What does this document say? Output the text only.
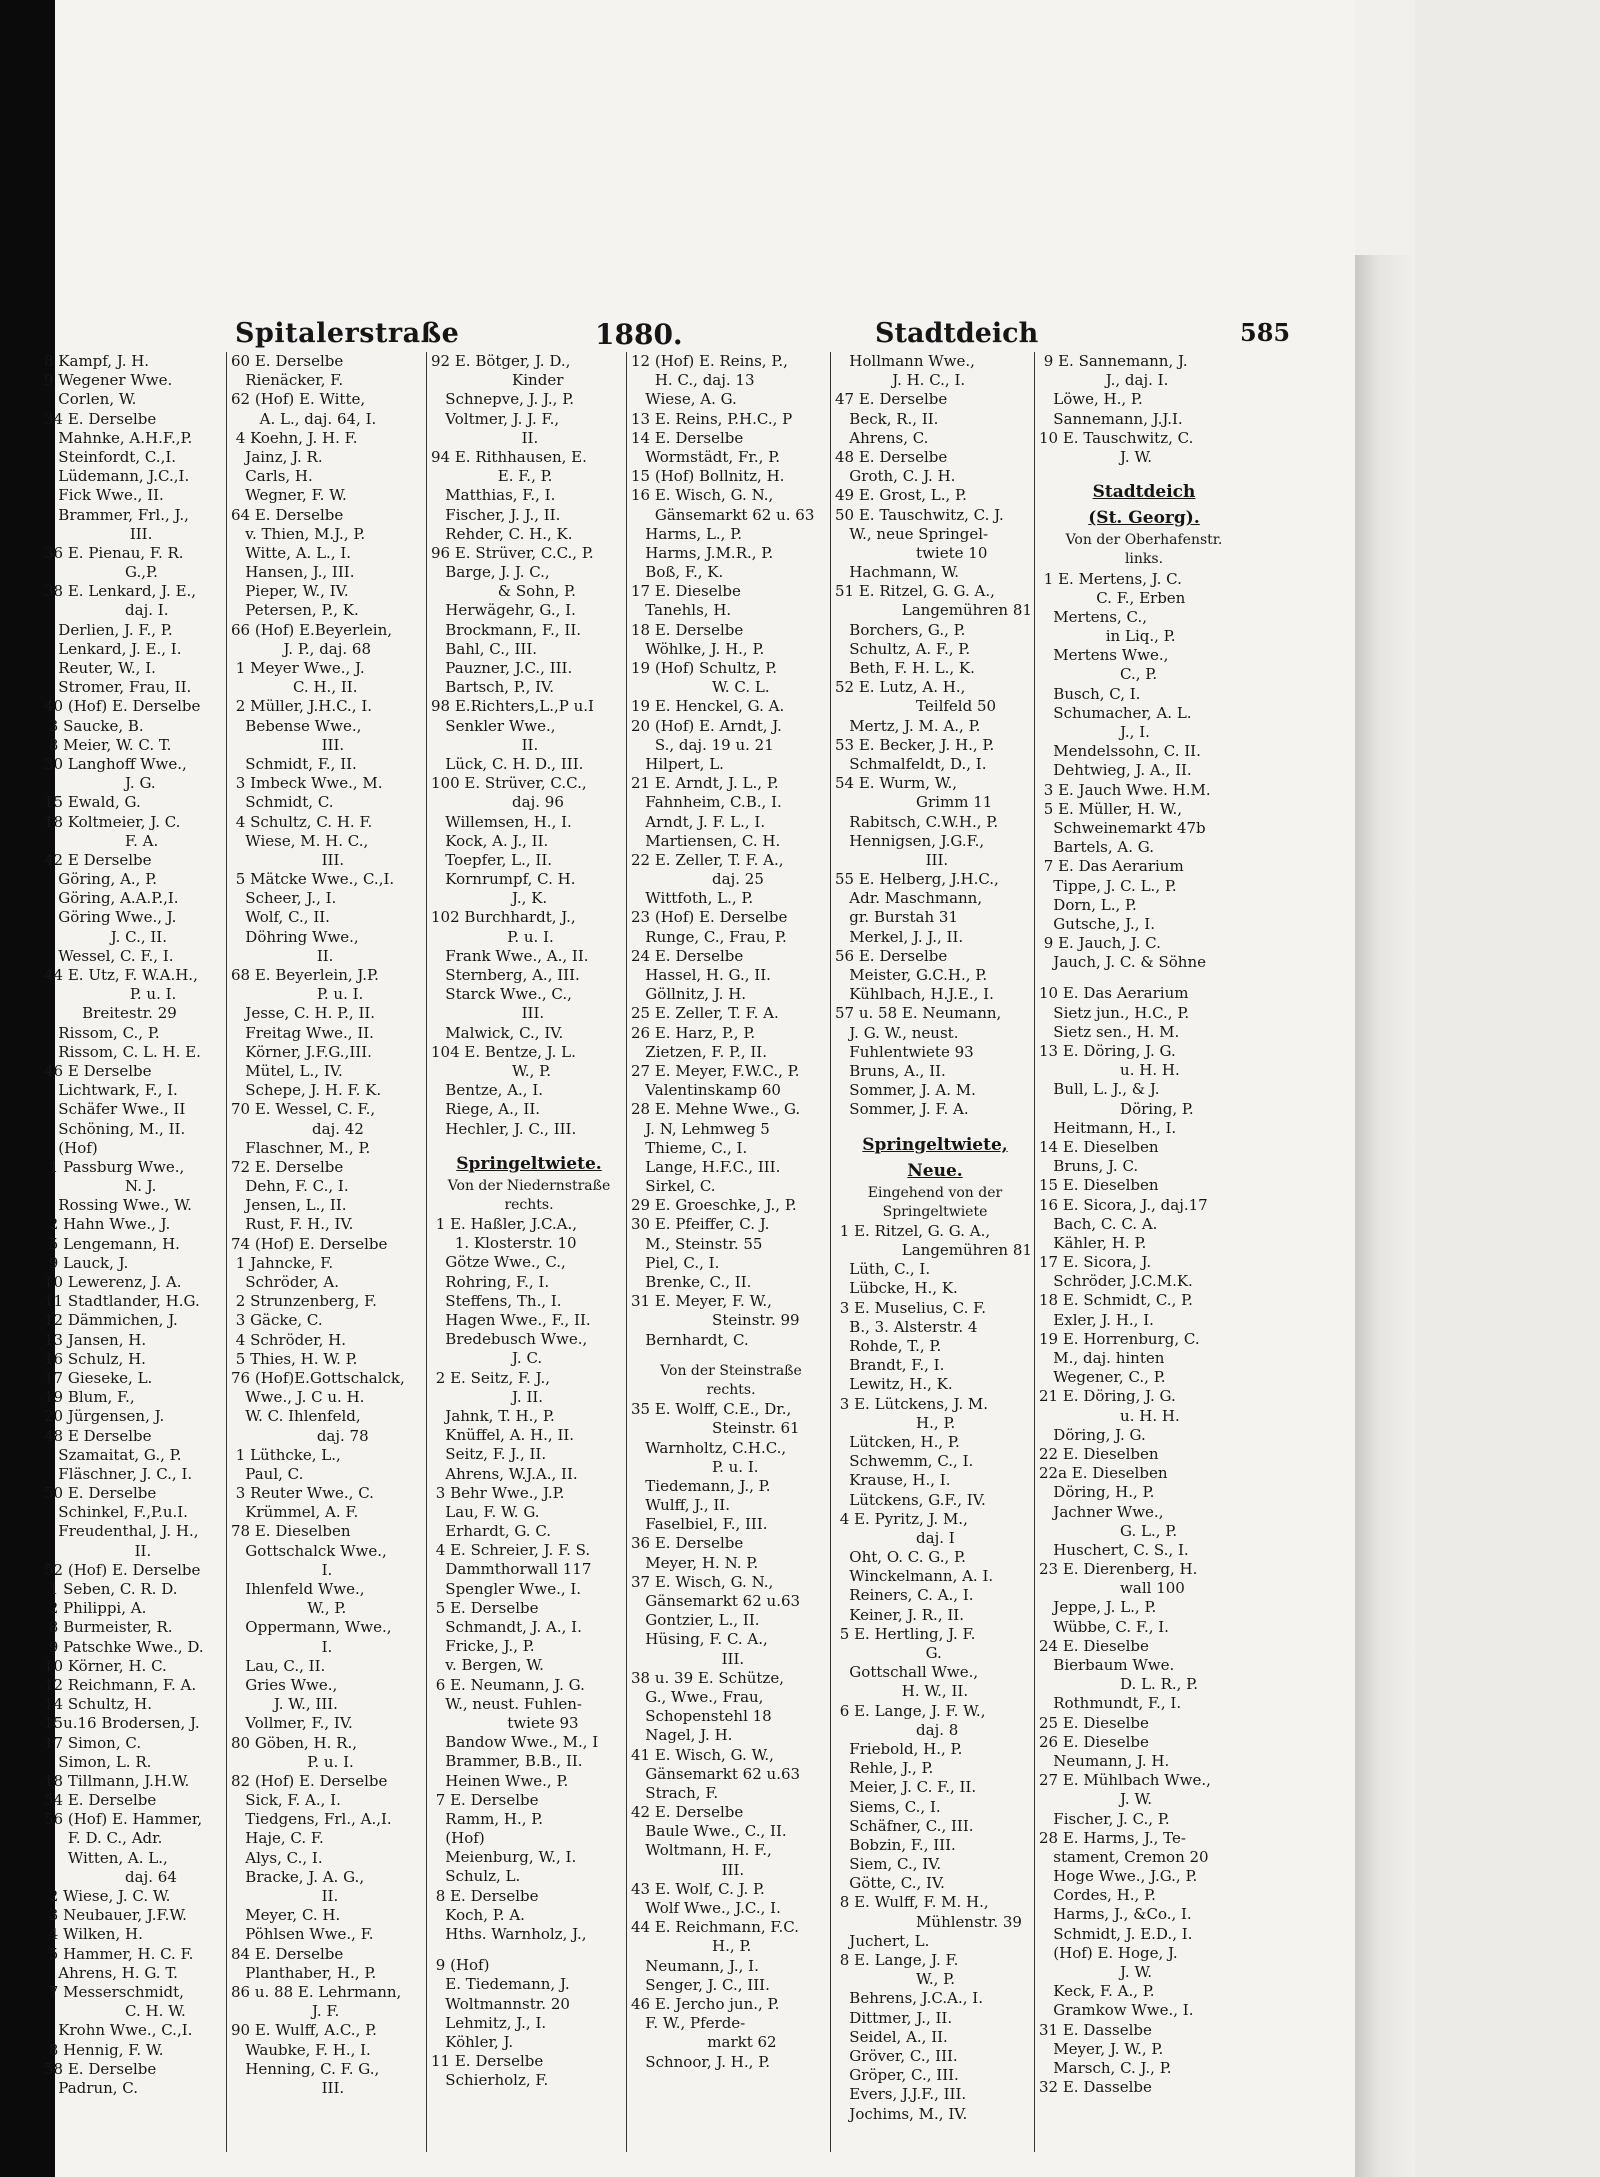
Spitalerstraße	1880.	Stadtdeich	585
8 Kampf, J. H.
9 Wegener Wwe.
Corlen, W.
34 E. Derselbe
Mahnke, A.H.F.,P.
Steinfordt, C.,I.
Lüdemann, J.C.,I.
Fick Wwe., II.
Brammer, Frl., J.,
III.
36 E. Pienau, F. R.
G.,P.
38 E. Lenkard, J. E.,
daj. I.
Derlien, J. F., P.
Lenkard, J. E., I.
Reuter, W., I.
Stromer, Frau, II.
40 (Hof) E. Derselbe
3 Saucke, B.
8 Meier, W. C. T.
30 Langhoff Wwe.,
J. G.
15 Ewald, G.
18 Koltmeier, J. C.
F. A.
42 E Derselbe
Göring, A., P.
Göring, A.A.P.,I.
Göring Wwe., J.
J. C., II.
Wessel, C. F., I.
44 E. Utz, F. W.A.H.,
P. u. I.
Breitestr. 29
Rissom, C., P.
Rissom, C. L. H. E.
46 E Derselbe
Lichtwark, F., I.
Schäfer Wwe., II
Schöning, M., II.
(Hof)
1 Passburg Wwe.,
N. J.
Rossing Wwe., W.
2 Hahn Wwe., J.
5 Lengemann, H.
9 Lauck, J.
10 Lewerenz, J. A.
11 Stadtlander, H.G.
12 Dämmichen, J.
13 Jansen, H.
16 Schulz, H.
17 Gieseke, L.
19 Blum, F.,
20 Jürgensen, J.
48 E Derselbe
Szamaitat, G., P.
Fläschner, J. C., I.
50 E. Derselbe
Schinkel, F.,P.u.I.
Freudenthal, J. H.,
II.
52 (Hof) E. Derselbe
1 Seben, C. R. D.
2 Philippi, A.
8 Burmeister, R.
9 Patschke Wwe., D.
10 Körner, H. C.
12 Reichmann, F. A.
14 Schultz, H.
15u.16 Brodersen, J.
17 Simon, C.
Simon, L. R.
18 Tillmann, J.H.W.
54 E. Derselbe
56 (Hof) E. Hammer,
F. D. C., Adr.
Witten, A. L.,
daj. 64
2 Wiese, J. C. W.
3 Neubauer, J.F.W.
4 Wilken, H.
5 Hammer, H. C. F.
Ahrens, H. G. T.
7 Messerschmidt,
C. H. W.
Krohn Wwe., C.,I.
8 Hennig, F. W.
58 E. Derselbe
Padrun, C.
60 E. Derselbe
Rienäcker, F.
62 (Hof) E. Witte,
A. L., daj. 64, I.
4 Koehn, J. H. F.
Jainz, J. R.
Carls, H.
Wegner, F. W.
64 E. Derselbe
v. Thien, M.J., P.
Witte, A. L., I.
Hansen, J., III.
Pieper, W., IV.
Petersen, P., K.
66 (Hof) E.Beyerlein,
J. P., daj. 68
1 Meyer Wwe., J.
C. H., II.
2 Müller, J.H.C., I.
Bebense Wwe.,
III.
Schmidt, F., II.
3 Imbeck Wwe., M.
Schmidt, C.
4 Schultz, C. H. F.
Wiese, M. H. C.,
III.
5 Mätcke Wwe., C.,I.
Scheer, J., I.
Wolf, C., II.
Döhring Wwe.,
II.
68 E. Beyerlein, J.P.
P. u. I.
Jesse, C. H. P., II.
Freitag Wwe., II.
Körner, J.F.G.,III.
Mütel, L., IV.
Schepe, J. H. F. K.
70 E. Wessel, C. F.,
daj. 42
Flaschner, M., P.
72 E. Derselbe
Dehn, F. C., I.
Jensen, L., II.
Rust, F. H., IV.
74 (Hof) E. Derselbe
1 Jahncke, F.
Schröder, A.
2 Strunzenberg, F.
3 Gäcke, C.
4 Schröder, H.
5 Thies, H. W. P.
76 (Hof)E.Gottschalck,
Wwe., J. C u. H.
W. C. Ihlenfeld,
daj. 78
1 Lüthcke, L.,
Paul, C.
3 Reuter Wwe., C.
Krümmel, A. F.
78 E. Dieselben
Gottschalck Wwe.,
I.
Ihlenfeld Wwe.,
W., P.
Oppermann, Wwe.,
I.
Lau, C., II.
Gries Wwe.,
J. W., III.
Vollmer, F., IV.
80 Göben, H. R.,
P. u. I.
82 (Hof) E. Derselbe
Sick, F. A., I.
Tiedgens, Frl., A.,I.
Haje, C. F.
Alys, C., I.
Bracke, J. A. G.,
II.
Meyer, C. H.
Pöhlsen Wwe., F.
84 E. Derselbe
Planthaber, H., P.
86 u. 88 E. Lehrmann,
J. F.
90 E. Wulff, A.C., P.
Waubke, F. H., I.
Henning, C. F. G.,
III.
92 E. Bötger, J. D.,
Kinder
Schnepve, J. J., P.
Voltmer, J. J. F.,
II.
94 E. Rithhausen, E.
E. F., P.
Matthias, F., I.
Fischer, J. J., II.
Rehder, C. H., K.
96 E. Strüver, C.C., P.
Barge, J. J. C.,
& Sohn, P.
Herwägehr, G., I.
Brockmann, F., II.
Bahl, C., III.
Pauzner, J.C., III.
Bartsch, P., IV.
98 E.Richters,L.,P u.I
Senkler Wwe.,
II.
Lück, C. H. D., III.
100 E. Strüver, C.C.,
daj. 96
Willemsen, H., I.
Kock, A. J., II.
Toepfer, L., II.
Kornrumpf, C. H.
J., K.
102 Burchhardt, J.,
P. u. I.
Frank Wwe., A., II.
Sternberg, A., III.
Starck Wwe., C.,
III.
Malwick, C., IV.
104 E. Bentze, J. L.
W., P.
Bentze, A., I.
Riege, A., II.
Hechler, J. C., III.
Springeltwiete.
Von der Niedernstraße
rechts.
1 E. Haßler, J.C.A.,
1. Klosterstr. 10
Götze Wwe., C.,
Rohring, F., I.
Steffens, Th., I.
Hagen Wwe., F., II.
Bredebusch Wwe.,
J. C.
2 E. Seitz, F. J.,
J. II.
Jahnk, T. H., P.
Knüffel, A. H., II.
Seitz, F. J., II.
Ahrens, W.J.A., II.
3 Behr Wwe., J.P.
Lau, F. W. G.
Erhardt, G. C.
4 E. Schreier, J. F. S.
Dammthorwall 117
Spengler Wwe., I.
5 E. Derselbe
Schmandt, J. A., I.
Fricke, J., P.
v. Bergen, W.
6 E. Neumann, J. G.
W., neust. Fuhlen-
twiete 93
Bandow Wwe., M., I
Brammer, B.B., II.
Heinen Wwe., P.
7 E. Derselbe
Ramm, H., P.
(Hof)
Meienburg, W., I.
Schulz, L.
8 E. Derselbe
Koch, P. A.
Hths. Warnholz, J.,
9 (Hof)
E. Tiedemann, J.
Woltmannstr. 20
Lehmitz, J., I.
Köhler, J.
11 E. Derselbe
Schierholz, F.
12 (Hof) E. Reins, P.,
H. C., daj. 13
Wiese, A. G.
13 E. Reins, P.H.C., P
14 E. Derselbe
Wormstädt, Fr., P.
15 (Hof) Bollnitz, H.
16 E. Wisch, G. N.,
Gänsemarkt 62 u. 63
Harms, L., P.
Harms, J.M.R., P.
Boß, F., K.
17 E. Dieselbe
Tanehls, H.
18 E. Derselbe
Wöhlke, J. H., P.
19 (Hof) Schultz, P.
W. C. L.
19 E. Henckel, G. A.
20 (Hof) E. Arndt, J.
S., daj. 19 u. 21
Hilpert, L.
21 E. Arndt, J. L., P.
Fahnheim, C.B., I.
Arndt, J. F. L., I.
Martiensen, C. H.
22 E. Zeller, T. F. A.,
daj. 25
Wittfoth, L., P.
23 (Hof) E. Derselbe
Runge, C., Frau, P.
24 E. Derselbe
Hassel, H. G., II.
Göllnitz, J. H.
25 E. Zeller, T. F. A.
26 E. Harz, P., P.
Zietzen, F. P., II.
27 E. Meyer, F.W.C., P.
Valentinskamp 60
28 E. Mehne Wwe., G.
J. N, Lehmweg 5
Thieme, C., I.
Lange, H.F.C., III.
Sirkel, C.
29 E. Groeschke, J., P.
30 E. Pfeiffer, C. J.
M., Steinstr. 55
Piel, C., I.
Brenke, C., II.
31 E. Meyer, F. W.,
Steinstr. 99
Bernhardt, C.
Von der Steinstraße
rechts.
35 E. Wolff, C.E., Dr.,
Steinstr. 61
Warnholtz, C.H.C.,
P. u. I.
Tiedemann, J., P.
Wulff, J., II.
Faselbiel, F., III.
36 E. Derselbe
Meyer, H. N. P.
37 E. Wisch, G. N.,
Gänsemarkt 62 u.63
Gontzier, L., II.
Hüsing, F. C. A.,
III.
38 u. 39 E. Schütze,
G., Wwe., Frau,
Schopenstehl 18
Nagel, J. H.
41 E. Wisch, G. W.,
Gänsemarkt 62 u.63
Strach, F.
42 E. Derselbe
Baule Wwe., C., II.
Woltmann, H. F.,
III.
43 E. Wolf, C. J. P.
Wolf Wwe., J.C., I.
44 E. Reichmann, F.C.
H., P.
Neumann, J., I.
Senger, J. C., III.
46 E. Jercho jun., P.
F. W., Pferde-
markt 62
Schnoor, J. H., P.
Hollmann Wwe.,
J. H. C., I.
47 E. Derselbe
Beck, R., II.
Ahrens, C.
48 E. Derselbe
Groth, C. J. H.
49 E. Grost, L., P.
50 E. Tauschwitz, C. J.
W., neue Springel-
twiete 10
Hachmann, W.
51 E. Ritzel, G. G. A.,
Langemühren 81
Borchers, G., P.
Schultz, A. F., P.
Beth, F. H. L., K.
52 E. Lutz, A. H.,
Teilfeld 50
Mertz, J. M. A., P.
53 E. Becker, J. H., P.
Schmalfeldt, D., I.
54 E. Wurm, W.,
Grimm 11
Rabitsch, C.W.H., P.
Hennigsen, J.G.F.,
III.
55 E. Helberg, J.H.C.,
Adr. Maschmann,
gr. Burstah 31
Merkel, J. J., II.
56 E. Derselbe
Meister, G.C.H., P.
Kühlbach, H.J.E., I.
57 u. 58 E. Neumann,
J. G. W., neust.
Fuhlentwiete 93
Bruns, A., II.
Sommer, J. A. M.
Sommer, J. F. A.
Springeltwiete,
Neue.
Eingehend von der
Springeltwiete
1 E. Ritzel, G. G. A.,
Langemühren 81
Lüth, C., I.
Lübcke, H., K.
3 E. Muselius, C. F.
B., 3. Alsterstr. 4
Rohde, T., P.
Brandt, F., I.
Lewitz, H., K.
3 E. Lütckens, J. M.
H., P.
Lütcken, H., P.
Schwemm, C., I.
Krause, H., I.
Lütckens, G.F., IV.
4 E. Pyritz, J. M.,
daj. I
Oht, O. C. G., P.
Winckelmann, A. I.
Reiners, C. A., I.
Keiner, J. R., II.
5 E. Hertling, J. F.
G.
Gottschall Wwe.,
H. W., II.
6 E. Lange, J. F. W.,
daj. 8
Friebold, H., P.
Rehle, J., P.
Meier, J. C. F., II.
Siems, C., I.
Schäfner, C., III.
Bobzin, F., III.
Siem, C., IV.
Götte, C., IV.
8 E. Wulff, F. M. H.,
Mühlenstr. 39
Juchert, L.
8 E. Lange, J. F.
W., P.
Behrens, J.C.A., I.
Dittmer, J., II.
Seidel, A., II.
Gröver, C., III.
Gröper, C., III.
Evers, J.J.F., III.
Jochims, M., IV.
9 E. Sannemann, J.
J., daj. I.
Löwe, H., P.
Sannemann, J.J.I.
10 E. Tauschwitz, C.
J. W.
Stadtdeich
(St. Georg).
Von der Oberhafenstr.
links.
1 E. Mertens, J. C.
C. F., Erben
Mertens, C.,
in Liq., P.
Mertens Wwe.,
C., P.
Busch, C, I.
Schumacher, A. L.
J., I.
Mendelssohn, C. II.
Dehtwieg, J. A., II.
3 E. Jauch Wwe. H.M.
5 E. Müller, H. W.,
Schweinemarkt 47b
Bartels, A. G.
7 E. Das Aerarium
Tippe, J. C. L., P.
Dorn, L., P.
Gutsche, J., I.
9 E. Jauch, J. C.
Jauch, J. C. & Söhne
10 E. Das Aerarium
Sietz jun., H.C., P.
Sietz sen., H. M.
13 E. Döring, J. G.
u. H. H.
Bull, L. J., & J.
Döring, P.
Heitmann, H., I.
14 E. Dieselben
Bruns, J. C.
15 E. Dieselben
16 E. Sicora, J., daj.17
Bach, C. C. A.
Kähler, H. P.
17 E. Sicora, J.
Schröder, J.C.M.K.
18 E. Schmidt, C., P.
Exler, J. H., I.
19 E. Horrenburg, C.
M., daj. hinten
Wegener, C., P.
21 E. Döring, J. G.
u. H. H.
Döring, J. G.
22 E. Dieselben
22a E. Dieselben
Döring, H., P.
Jachner Wwe.,
G. L., P.
Huschert, C. S., I.
23 E. Dierenberg, H.
wall 100
Jeppe, J. L., P.
Wübbe, C. F., I.
24 E. Dieselbe
Bierbaum Wwe.
D. L. R., P.
Rothmundt, F., I.
25 E. Dieselbe
26 E. Dieselbe
Neumann, J. H.
27 E. Mühlbach Wwe.,
J. W.
Fischer, J. C., P.
28 E. Harms, J., Te-
stament, Cremon 20
Hoge Wwe., J.G., P.
Cordes, H., P.
Harms, J., &Co., I.
Schmidt, J. E.D., I.
(Hof) E. Hoge, J.
J. W.
Keck, F. A., P.
Gramkow Wwe., I.
31 E. Dasselbe
Meyer, J. W., P.
Marsch, C. J., P.
32 E. Dasselbe
